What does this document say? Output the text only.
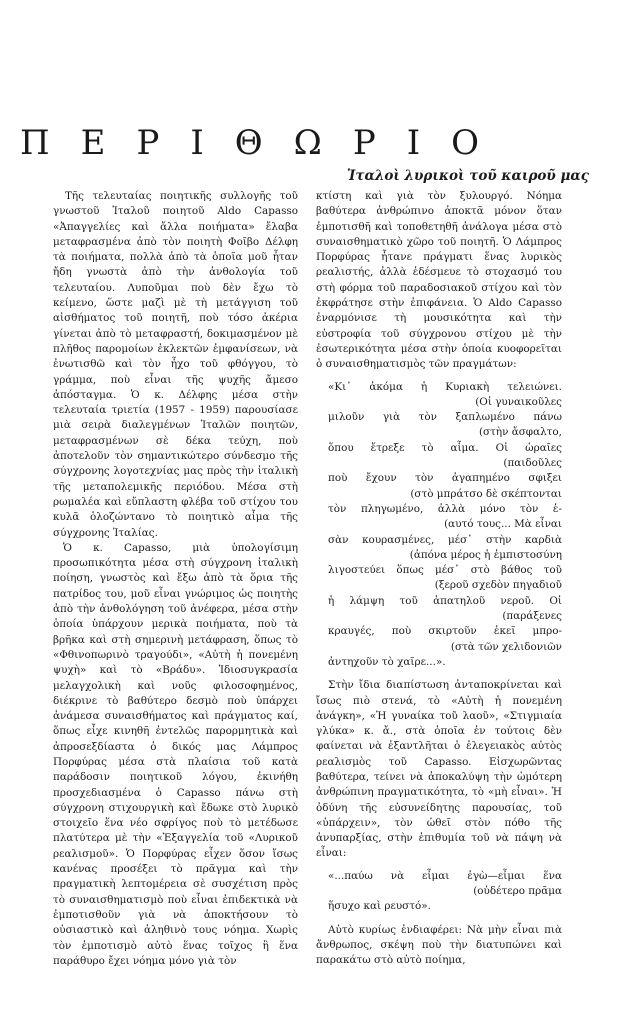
ΠΕΡΙΘΩΡΙΟ
Ἰταλοὶ λυρικοὶ τοῦ καιροῦ μας

Τῆς τελευταίας ποιητικῆς συλλογῆς τοῦ γνωστοῦ Ἰταλοῦ ποιητοῦ Aldo Capasso «Ἀπαγγελίες καὶ ἄλλα ποιήματα» ἔλαβα μεταφρασμένα ἀπὸ τὸν ποιητὴ Φοῖβο Δέλφη τὰ ποιήματα, πολλὰ ἀπὸ τὰ ὁποῖα μοῦ ἦταν ἤδη γνωστὰ ἀπὸ τὴν ἀνθολογία τοῦ τελευταίου. Λυποῦμαι ποὺ δὲν ἔχω τὸ κείμενο, ὥστε μαζὶ μὲ τὴ μετάγγιση τοῦ αἰσθήματος τοῦ ποιητῆ, ποὺ τόσο ἀκέρια γίνεται ἀπὸ τὸ μεταφραστή, δοκιμασμένον μὲ πλῆθος παρομοίων ἐκλεκτῶν ἐμφανίσεων, νὰ ἐνωτισθῶ καὶ τὸν ἦχο τοῦ φθόγγου, τὸ γράμμα, ποὺ εἶναι τῆς ψυχῆς ἄμεσο ἀπόσταγμα. Ὁ κ. Δέλφης μέσα στὴν τελευταία τριετία (1957 - 1959) παρουσίασε μιὰ σειρὰ διαλεγμένων Ἰταλῶν ποιητῶν, μεταφρασμένων σὲ δέκα τεύχη, ποὺ ἀποτελοῦν τὸν σημαντικώτερο σύνδεσμο τῆς σύγχρονης λογοτεχνίας μας πρὸς τὴν ἰταλικὴ τῆς μεταπολεμικῆς περιόδου. Μέσα στὴ ρωμαλέα καὶ εὔπλαστη φλέβα τοῦ στίχου του κυλᾶ ὁλοζώντανο τὸ ποιητικὸ αἷμα τῆς σύγχρονης Ἰταλίας.

Ὁ κ. Capasso, μιὰ ὑπολογίσιμη προσωπικότητα μέσα στὴ σύγχρονη ἰταλικὴ ποίηση, γνωστὸς καὶ ἔξω ἀπὸ τὰ ὅρια τῆς πατρίδος του, μοῦ εἶναι γνώριμος ὡς ποιητὴς ἀπὸ τὴν ἀνθολόγηση τοῦ ἀνέφερα, μέσα στὴν ὁποία ὑπάρχουν μερικὰ ποιήματα, ποὺ τὰ βρῆκα καὶ στὴ σημερινὴ μετάφραση, ὅπως τὸ «Φθινοπωρινὸ τραγούδι», «Αὐτὴ ἡ πονεμένη ψυχὴ» καὶ τὸ «Βράδυ». Ἰδιοσυγκρασία μελαγχολικὴ καὶ νοῦς φιλοσοφημένος, διέκρινε τὸ βαθύτερο δεσμὸ ποὺ ὑπάρχει ἀνάμεσα συναισθήματος καὶ πράγματος καί, ὅπως εἶχε κινηθῆ ἐντελῶς παρορμητικὰ καὶ ἀπροσεξδίαστα ὁ δικός μας Λάμπρος Πορφύρας μέσα στὰ πλαίσια τοῦ κατὰ παράδοσιν ποιητικοῦ λόγου, ἐκινήθη προσχεδιασμένα ὁ Capasso πάνω στὴ σύγχρονη στιχουργικὴ καὶ ἔδωκε στὸ λυρικὸ στοιχεῖο ἕνα νέο σφρίγος ποὺ τὸ μετέδωσε πλατύτερα μὲ τὴν «Ἐξαγγελία τοῦ «Λυρικοῦ ρεαλισμοῦ». Ὁ Πορφύρας εἶχεν ὅσον ἴσως κανένας προσέξει τὸ πρᾶγμα καὶ τὴν πραγματικὴ λεπτομέρεια σὲ συσχέτιση πρὸς τὸ συναισθηματισμὸ ποὺ εἶναι ἐπιδεκτικὰ νὰ ἐμποτισθοῦν γιὰ νὰ ἀποκτήσουν τὸ οὐσιαστικὸ καὶ ἀληθινὸ τους νόημα. Χωρὶς τὸν ἐμποτισμὸ αὐτὸ ἕνας τοῖχος ἢ ἕνα παράθυρο ἔχει νόημα μόνο γιὰ τὸν

κτίστη καὶ γιὰ τὸν ξυλουργό. Νόημα βαθύτερα ἀνθρώπινο ἀποκτᾶ μόνον ὅταν ἐμποτισθῆ καὶ τοποθετηθῆ ἀνάλογα μέσα στὸ συναισθηματικὸ χῶρο τοῦ ποιητῆ. Ὁ Λάμπρος Πορφύρας ἦτανε πράγματι ἕνας λυρικὸς ρεαλιστής, ἀλλὰ ἐδέσμευε τὸ στοχασμό του στὴ φόρμα τοῦ παραδοσιακοῦ στίχου καὶ τὸν ἐκφράτησε στὴν ἐπιφάνεια. Ὁ Aldo Capasso ἐναρμόνισε τὴ μουσικότητα καὶ τὴν εὐστροφία τοῦ σύγχρονου στίχου μὲ τὴν ἐσωτερικότητα μέσα στὴν ὁποία κυοφορεῖται ὁ συναισθηματισμὸς τῶν πραγμάτων:

«Κι᾿ ἀκόμα ἡ Κυριακὴ τελειώνει.
(Οἱ γυναικοῦλες
μιλοῦν γιὰ τὸν ξαπλωμένο πάνω
(στὴν ἄσφαλτο,
ὅπου ἔτρεξε τὸ αἷμα. Οἱ ὡραῖες
(παιδοῦλες
ποὺ ἔχουν τὸν ἀγαπημένο σφιξει
(στὸ μπράτσο δὲ σκέπτονται
τὸν πληγωμένο, ἀλλὰ μόνο τὸν ἑ-
(αυτό τους... Μὰ εἶναι
σὰν κουρασμένες, μέσ᾿ στὴν καρδιὰ
(ἀπόνα μέρος ἡ ἐμπιστοσύνη
λιγοστεύει ὅπως μέσ᾿ στὸ βάθος τοῦ
(ξεροῦ σχεδὸν πηγαδιοῦ
ἡ λάμψη τοῦ ἀπατηλοῦ νεροῦ. Οἱ
(παράξενες
κραυγές, ποὺ σκιρτοῦν ἐκεῖ μπρο-
(στὰ τῶν χελιδονιῶν
ἀντηχοῦν τὸ χαῖρε...».

Στὴν ἴδια διαπίστωση ἀνταποκρίνεται καὶ ἴσως πιὸ στενά, τὸ «Αὐτὴ ἡ πονεμένη ἀνάγκη», «Ἡ γυναίκα τοῦ λαοῦ», «Στιγμιαία γλύκα» κ. ἄ., στὰ ὁποῖα ἐν τούτοις δὲν φαίνεται νὰ ἐξαντλῆται ὁ ἐλεγειακὸς αὐτὸς ρεαλισμὸς τοῦ Capasso. Εἰσχωρῶντας βαθύτερα, τείνει νὰ ἀποκαλύψη τὴν ὠμότερη ἀνθρώπινη πραγματικότητα, τὸ «μὴ εἶναι». Ἡ ὀδύνη τῆς εὐσυνείδητης παρουσίας, τοῦ «ὑπάρχειν», τὸν ὠθεῖ στὸν πόθο τῆς ἀνυπαρξίας, στὴν ἐπιθυμία τοῦ νὰ πάψη νὰ εἶναι:

«...παύω νὰ εἶμαι ἐγὼ—εἶμαι ἕνα
(οὐδέτερο πρᾶμα
ἥσυχο καὶ ρευστό».

Αὐτὸ κυρίως ἐνδιαφέρει: Νὰ μὴν εἶναι πιὰ ἄνθρωπος, σκέψη ποὺ τὴν διατυπώνει καὶ παρακάτω στὸ αὐτὸ ποίημα,
